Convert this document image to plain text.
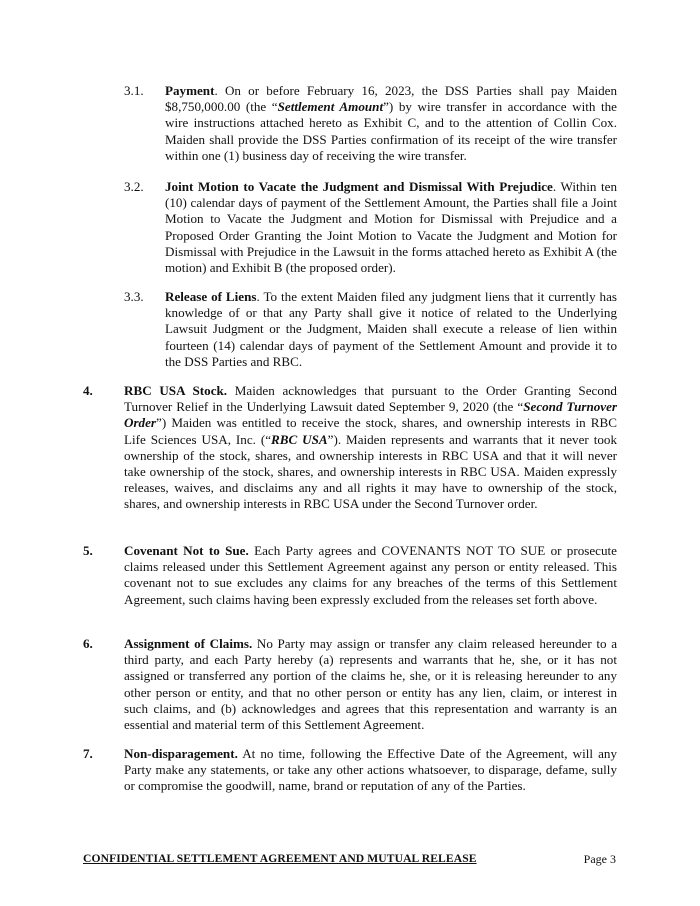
3.1. Payment. On or before February 16, 2023, the DSS Parties shall pay Maiden $8,750,000.00 (the “Settlement Amount”) by wire transfer in accordance with the wire instructions attached hereto as Exhibit C, and to the attention of Collin Cox. Maiden shall provide the DSS Parties confirmation of its receipt of the wire transfer within one (1) business day of receiving the wire transfer.
3.2. Joint Motion to Vacate the Judgment and Dismissal With Prejudice. Within ten (10) calendar days of payment of the Settlement Amount, the Parties shall file a Joint Motion to Vacate the Judgment and Motion for Dismissal with Prejudice and a Proposed Order Granting the Joint Motion to Vacate the Judgment and Motion for Dismissal with Prejudice in the Lawsuit in the forms attached hereto as Exhibit A (the motion) and Exhibit B (the proposed order).
3.3. Release of Liens. To the extent Maiden filed any judgment liens that it currently has knowledge of or that any Party shall give it notice of related to the Underlying Lawsuit Judgment or the Judgment, Maiden shall execute a release of lien within fourteen (14) calendar days of payment of the Settlement Amount and provide it to the DSS Parties and RBC.
4. RBC USA Stock. Maiden acknowledges that pursuant to the Order Granting Second Turnover Relief in the Underlying Lawsuit dated September 9, 2020 (the “Second Turnover Order”) Maiden was entitled to receive the stock, shares, and ownership interests in RBC Life Sciences USA, Inc. (“RBC USA”). Maiden represents and warrants that it never took ownership of the stock, shares, and ownership interests in RBC USA and that it will never take ownership of the stock, shares, and ownership interests in RBC USA. Maiden expressly releases, waives, and disclaims any and all rights it may have to ownership of the stock, shares, and ownership interests in RBC USA under the Second Turnover order.
5. Covenant Not to Sue. Each Party agrees and COVENANTS NOT TO SUE or prosecute claims released under this Settlement Agreement against any person or entity released. This covenant not to sue excludes any claims for any breaches of the terms of this Settlement Agreement, such claims having been expressly excluded from the releases set forth above.
6. Assignment of Claims. No Party may assign or transfer any claim released hereunder to a third party, and each Party hereby (a) represents and warrants that he, she, or it has not assigned or transferred any portion of the claims he, she, or it is releasing hereunder to any other person or entity, and that no other person or entity has any lien, claim, or interest in such claims, and (b) acknowledges and agrees that this representation and warranty is an essential and material term of this Settlement Agreement.
7. Non-disparagement. At no time, following the Effective Date of the Agreement, will any Party make any statements, or take any other actions whatsoever, to disparage, defame, sully or compromise the goodwill, name, brand or reputation of any of the Parties.
CONFIDENTIAL SETTLEMENT AGREEMENT AND MUTUAL RELEASE	Page 3
